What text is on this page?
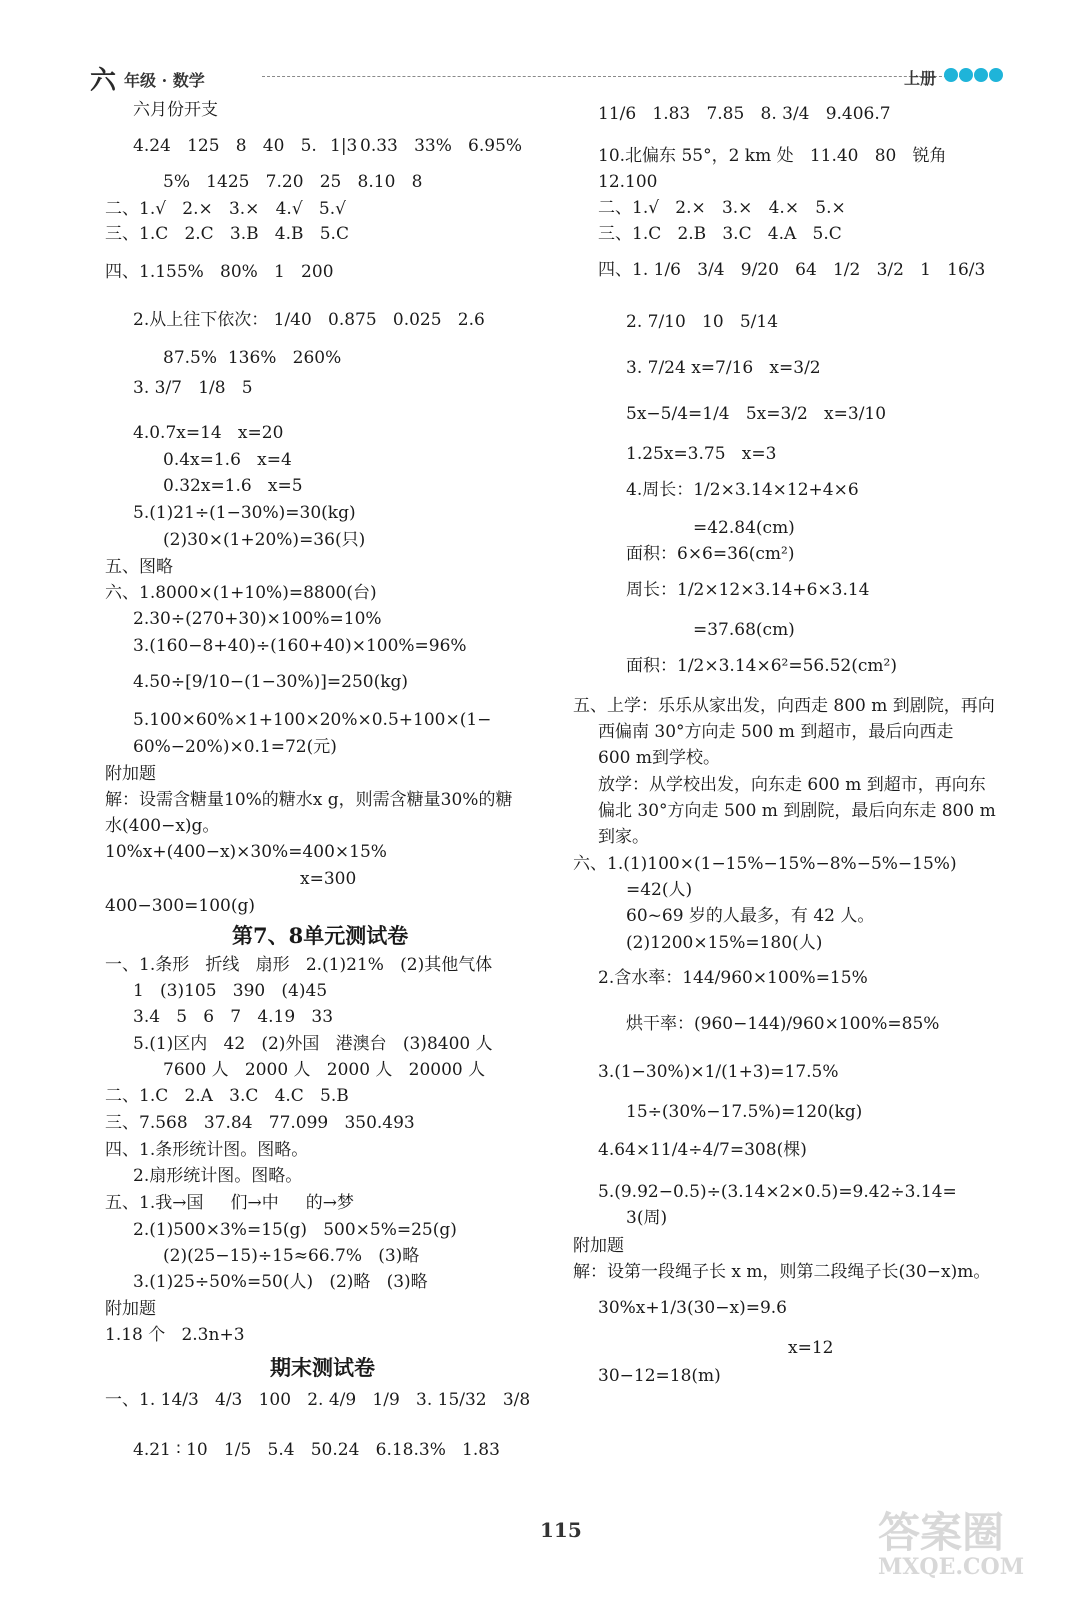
六 年级 · 数学	上册
六月份开支
4.24   125   8   40   5. 1|3 0.33   33%   6.95%
5%   1425   7.20   25   8.10   8
二、1.√   2.×   3.×   4.√   5.√
三、1.C   2.C   3.B   4.B   5.C
四、1.155%   80%   1   200
2.从上往下依次： 1/40   0.875   0.025   2.6
87.5%  136%   260%
3. 3/7   1/8   5
4.0.7x=14   x=20
0.4x=1.6   x=4
0.32x=1.6   x=5
5.(1)21÷(1−30%)=30(kg)
(2)30×(1+20%)=36(只)
五、图略
六、1.8000×(1+10%)=8800(台)
2.30÷(270+30)×100%=10%
3.(160−8+40)÷(160+40)×100%=96%
4.50÷[9/10−(1−30%)]=250(kg)
5.100×60%×1+100×20%×0.5+100×(1−
60%−20%)×0.1=72(元)
附加题
解：设需含糖量10%的糖水x g，则需含糖量30%的糖
水(400−x)g。
10%x+(400−x)×30%=400×15%
x=300
400−300=100(g)
一、1.条形   折线   扇形   2.(1)21%   (2)其他气体
1   (3)105   390   (4)45
3.4   5   6   7   4.19   33
5.(1)区内   42   (2)外国   港澳台   (3)8400 人
7600 人   2000 人   2000 人   20000 人
二、1.C   2.A   3.C   4.C   5.B
三、7.568   37.84   77.099   350.493
四、1.条形统计图。图略。
2.扇形统计图。图略。
五、1.我→国     们→中     的→梦
2.(1)500×3%=15(g)   500×5%=25(g)
(2)(25−15)÷15≈66.7%   (3)略
3.(1)25÷50%=50(人)   (2)略   (3)略
附加题
1.18 个   2.3n+3
一、1. 14/3   4/3   100   2. 4/9   1/9   3. 15/32   3/8
4.21 ∶ 10   1/5   5.4   50.24   6.18.3%   1.83
第7、8单元测试卷
期末测试卷
11/6   1.83   7.85   8. 3/4   9.406.7
10.北偏东 55°，2 km 处   11.40   80   锐角
12.100
二、1.√   2.×   3.×   4.×   5.×
三、1.C   2.B   3.C   4.A   5.C
四、1. 1/6   3/4   9/20   64   1/2   3/2   1   16/3
2. 7/10   10   5/14
3. 7/24 x=7/16   x=3/2
5x−5/4=1/4   5x=3/2   x=3/10
1.25x=3.75   x=3
4.周长：1/2×3.14×12+4×6
=42.84(cm)
面积：6×6=36(cm²)
周长：1/2×12×3.14+6×3.14
=37.68(cm)
面积：1/2×3.14×6²=56.52(cm²)
五、上学：乐乐从家出发，向西走 800 m 到剧院，再向
西偏南 30°方向走 500 m 到超市，最后向西走
600 m到学校。
放学：从学校出发，向东走 600 m 到超市，再向东
偏北 30°方向走 500 m 到剧院，最后向东走 800 m
到家。
六、1.(1)100×(1−15%−15%−8%−5%−15%)
=42(人)
60~69 岁的人最多，有 42 人。
(2)1200×15%=180(人)
2.含水率：144/960×100%=15%
烘干率：(960−144)/960×100%=85%
3.(1−30%)×1/(1+3)=17.5%
15÷(30%−17.5%)=120(kg)
4.64×11/4÷4/7=308(棵)
5.(9.92−0.5)÷(3.14×2×0.5)=9.42÷3.14=
3(周)
附加题
解：设第一段绳子长 x m，则第二段绳子长(30−x)m。
30%x+1/3(30−x)=9.6
x=12
30−12=18(m)
115	答案圈
MXQE.COM
